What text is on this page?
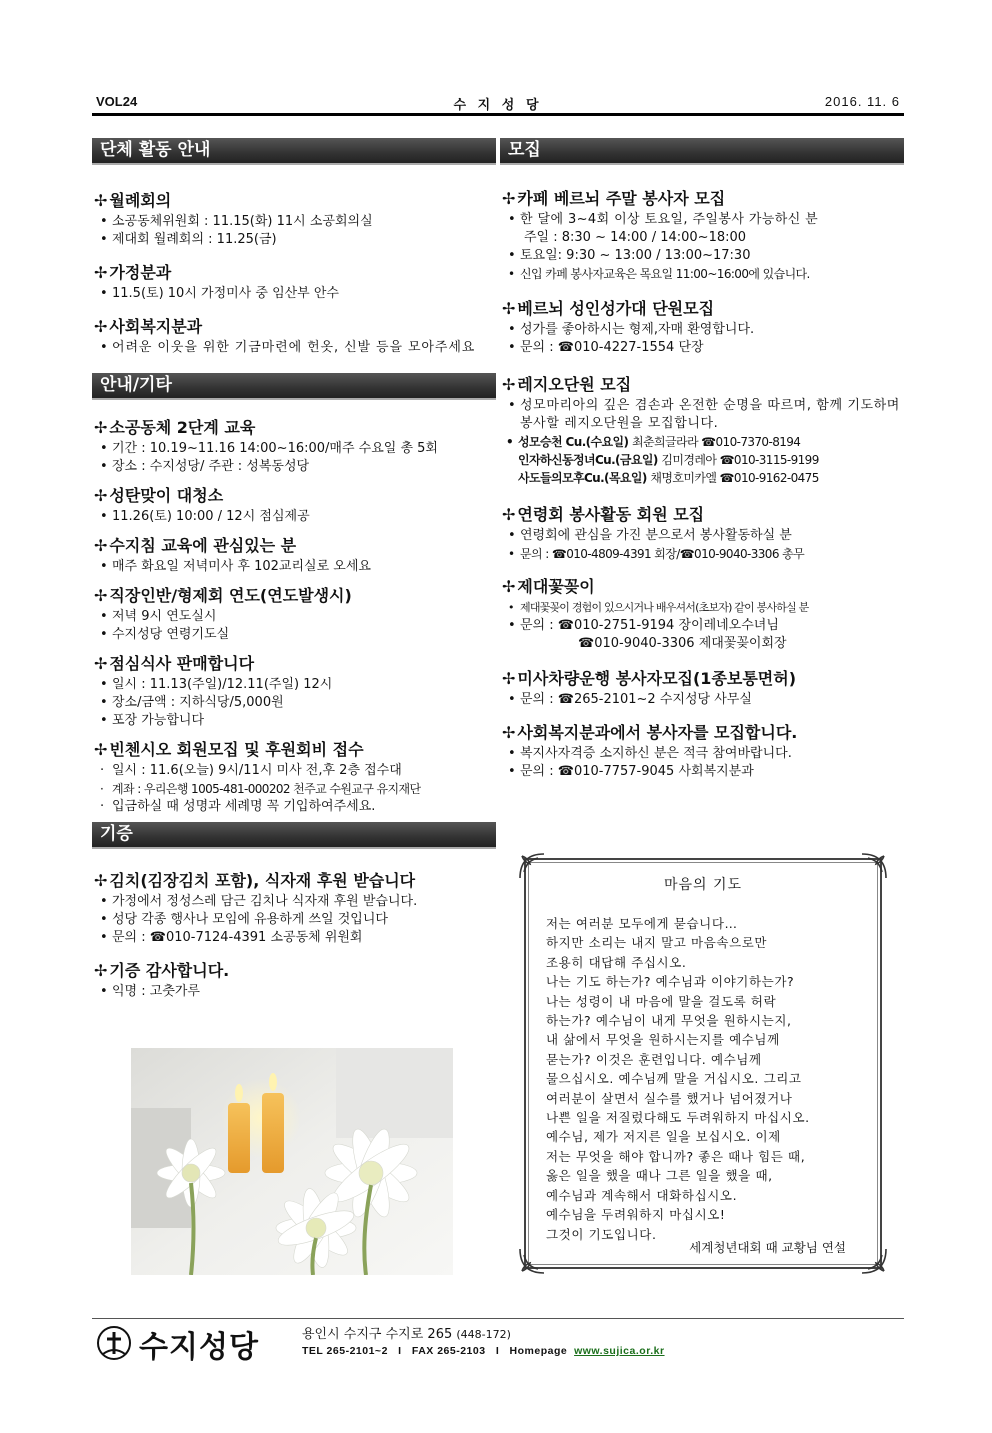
VOL24	수 지 성 당	2016. 11. 6
단체 활동 안내
✢ 월례회의
• 소공동체위원회 : 11.15(화) 11시 소공회의실
• 제대회 월례회의 : 11.25(금)
✢ 가정분과
• 11.5(토) 10시 가정미사 중 임산부 안수
✢ 사회복지분과
• 어려운 이웃을 위한 기금마련에 헌옷, 신발 등을 모아주세요
안내/기타
✢ 소공동체 2단계 교육
• 기간 : 10.19~11.16 14:00~16:00/매주 수요일 총 5회
• 장소 : 수지성당/ 주관 : 성복동성당
✢ 성탄맞이 대청소
• 11.26(토) 10:00 / 12시 점심제공
✢ 수지침 교육에 관심있는 분
• 매주 화요일 저녁미사 후 102교리실로 오세요
✢ 직장인반/형제회 연도(연도발생시)
• 저녁 9시 연도실시
• 수지성당 연령기도실
✢ 점심식사 판매합니다
• 일시 : 11.13(주일)/12.11(주일) 12시
• 장소/금액 : 지하식당/5,000원
• 포장 가능합니다
✢ 빈첸시오 회원모집 및 후원회비 접수
· 일시 : 11.6(오늘) 9시/11시 미사 전,후 2층 접수대
· 계좌 : 우리은행 1005-481-000202 천주교 수원교구 유지재단
· 입금하실 때 성명과 세례명 꼭 기입하여주세요.
기증
✢ 김치(김장김치 포함), 식자재 후원 받습니다
• 가정에서 정성스레 담근 김치나 식자재 후원 받습니다.
• 성당 각종 행사나 모임에 유용하게 쓰일 것입니다
• 문의 : ☎010-7124-4391 소공동체 위원회
✢ 기증 감사합니다.
• 익명 : 고춧가루
모집
✢ 카페 베르뇌 주말 봉사자 모집
• 한 달에 3~4회 이상 토요일, 주일봉사 가능하신 분
주일 : 8:30 ~ 14:00 / 14:00~18:00
• 토요일: 9:30 ~ 13:00 / 13:00~17:30
• 신입 카페 봉사자교육은 목요일 11:00~16:00에 있습니다.
✢ 베르뇌 성인성가대 단원모집
• 성가를 좋아하시는 형제,자매 환영합니다.
• 문의 : ☎010-4227-1554 단장
✢ 레지오단원 모집
• 성모마리아의 깊은 겸손과 온전한 순명을 따르며, 함께 기도하며 봉사할 레지오단원을 모집합니다.
• 성모승천 Cu.(수요일) 최춘희글라라 ☎010-7370-8194
인자하신동정녀Cu.(금요일) 김미경레아 ☎010-3115-9199
사도들의모후Cu.(목요일) 채명호미카엘 ☎010-9162-0475
✢ 연령회 봉사활동 회원 모집
• 연령회에 관심을 가진 분으로서 봉사활동하실 분
• 문의 : ☎010-4809-4391 회장/☎010-9040-3306 총무
✢ 제대꽃꽂이
• 제대꽃꽂이 경험이 있으시거나 배우셔서(초보자) 같이 봉사하실 분
• 문의 : ☎010-2751-9194 장이레네오수녀님
☎010-9040-3306 제대꽃꽂이회장
✢ 미사차량운행 봉사자모집(1종보통면허)
• 문의 : ☎265-2101~2 수지성당 사무실
✢ 사회복지분과에서 봉사자를 모집합니다.
• 복지사자격증 소지하신 분은 적극 참여바랍니다.
• 문의 : ☎010-7757-9045 사회복지분과
마음의 기도
저는 여러분 모두에게 묻습니다…
하지만 소리는 내지 말고 마음속으로만
조용히 대답해 주십시오.
나는 기도 하는가? 예수님과 이야기하는가?
나는 성령이 내 마음에 말을 걸도록 허락
하는가? 예수님이 내게 무엇을 원하시는지,
내 삶에서 무엇을 원하시는지를 예수님께
묻는가? 이것은 훈련입니다. 예수님께
물으십시오. 예수님께 말을 거십시오. 그리고
여러분이 살면서 실수를 했거나 넘어졌거나
나쁜 일을 저질렀다해도 두려워하지 마십시오.
예수님, 제가 저지른 일을 보십시오. 이제
저는 무엇을 해야 합니까? 좋은 때나 힘든 때,
옳은 일을 했을 때나 그른 일을 했을 때,
예수님과 계속해서 대화하십시오.
예수님을 두려워하지 마십시오!
그것이 기도입니다.
세계청년대회 때 교황님 연설
수지성당	용인시 수지구 수지로 265 (448-172)
TEL 265-2101~2 I FAX 265-2103 I Homepage www.sujica.or.kr
